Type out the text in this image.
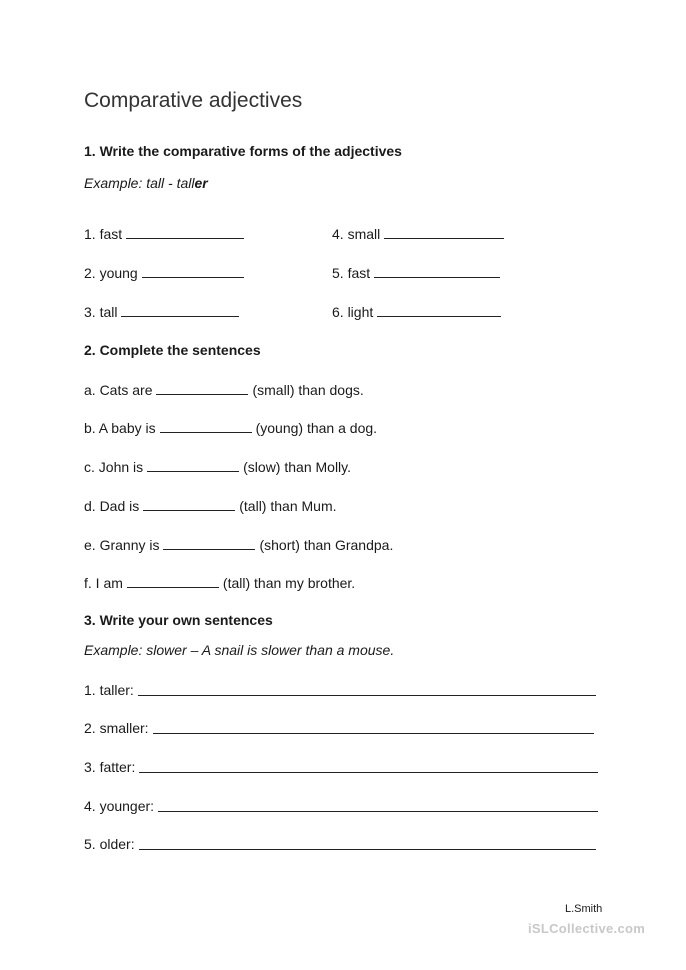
Comparative adjectives
1. Write the comparative forms of the adjectives
Example: tall - taller
1. fast
2. young
3. tall
4. small
5. fast
6. light
2. Complete the sentences
a. Cats are	(small) than dogs.
b. A baby is	(young) than a dog.
c. John is	(slow) than Molly.
d. Dad is	(tall) than Mum.
e. Granny is	(short) than Grandpa.
f. I am	(tall) than my brother.
3. Write your own sentences
Example: slower – A snail is slower than a mouse.
1. taller:
2. smaller:
3. fatter:
4. younger:
5. older:
L.Smith
iSLCollective.com
